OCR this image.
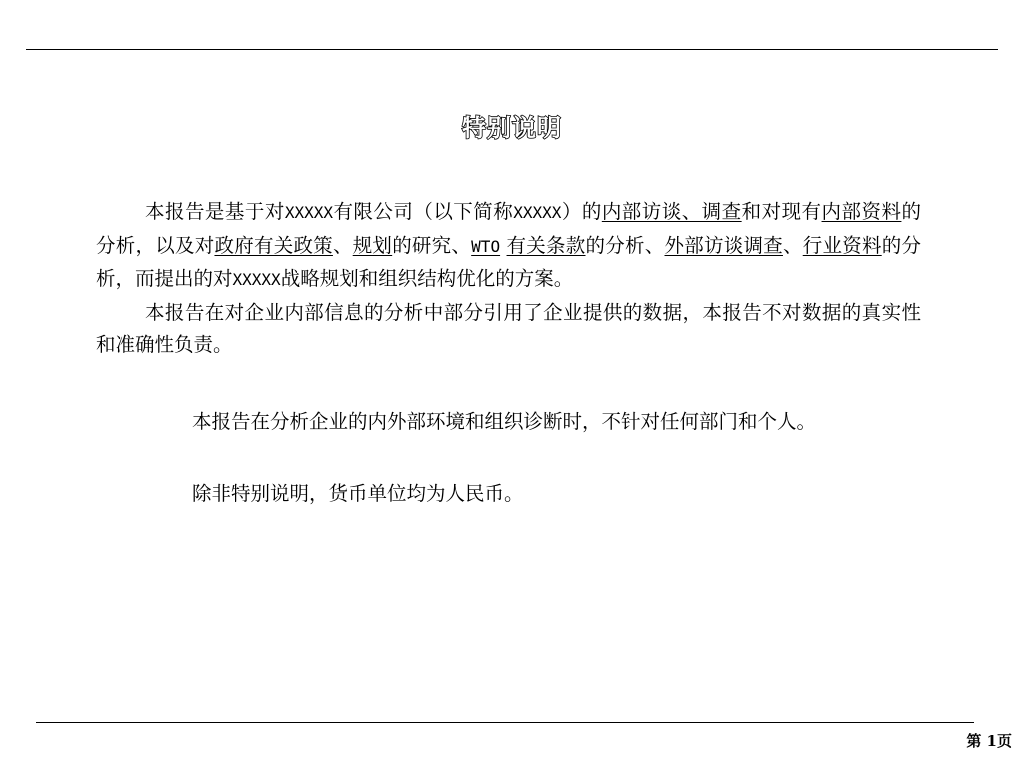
特别说明

本报告是基于对XXXXX有限公司（以下简称XXXXX）的内部访谈、调查和对现有内部资料的分析，以及对政府有关政策、规划的研究、WTO 有关条款的分析、外部访谈调查、行业资料的分析，而提出的对XXXXX战略规划和组织结构优化的方案。

本报告在对企业内部信息的分析中部分引用了企业提供的数据，本报告不对数据的真实性和准确性负责。

本报告在分析企业的内外部环境和组织诊断时，不针对任何部门和个人。
除非特别说明，货币单位均为人民币。
第 1页
